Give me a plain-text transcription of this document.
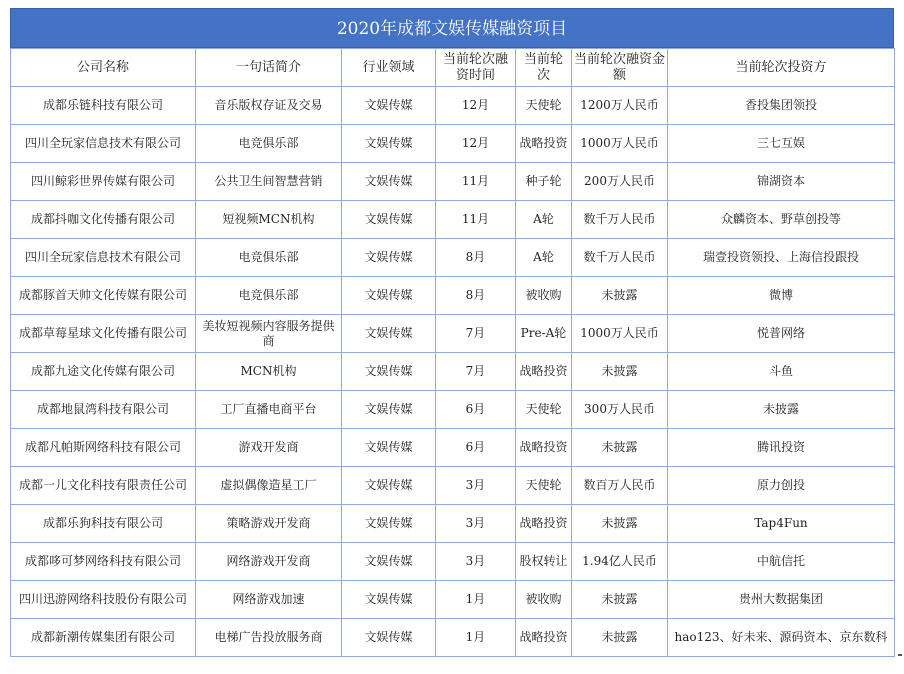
2020年成都文娱传媒融资项目
公司名称	一句话简介	行业领域	当前轮次融资时间	当前轮次	当前轮次融资金额	当前轮次投资方
成都乐链科技有限公司	音乐版权存证及交易	文娱传媒	12月	天使轮	1200万人民币	香投集团领投
四川全玩家信息技术有限公司	电竞俱乐部	文娱传媒	12月	战略投资	1000万人民币	三七互娱
四川鲸彩世界传媒有限公司	公共卫生间智慧营销	文娱传媒	11月	种子轮	200万人民币	锦湖资本
成都抖咖文化传播有限公司	短视频MCN机构	文娱传媒	11月	A轮	数千万人民币	众麟资本、野草创投等
四川全玩家信息技术有限公司	电竞俱乐部	文娱传媒	8月	A轮	数千万人民币	瑞壹投资领投、上海信投跟投
成都豚首天帅文化传媒有限公司	电竞俱乐部	文娱传媒	8月	被收购	未披露	微博
成都草莓星球文化传播有限公司	美妆短视频内容服务提供商	文娱传媒	7月	Pre-A轮	1000万人民币	悦普网络
成都九途文化传媒有限公司	MCN机构	文娱传媒	7月	战略投资	未披露	斗鱼
成都地鼠湾科技有限公司	工厂直播电商平台	文娱传媒	6月	天使轮	300万人民币	未披露
成都凡帕斯网络科技有限公司	游戏开发商	文娱传媒	6月	战略投资	未披露	腾讯投资
成都一儿文化科技有限责任公司	虚拟偶像造星工厂	文娱传媒	3月	天使轮	数百万人民币	原力创投
成都乐狗科技有限公司	策略游戏开发商	文娱传媒	3月	战略投资	未披露	Tap4Fun
成都哆可梦网络科技有限公司	网络游戏开发商	文娱传媒	3月	股权转让	1.94亿人民币	中航信托
四川迅游网络科技股份有限公司	网络游戏加速	文娱传媒	1月	被收购	未披露	贵州大数据集团
成都新潮传媒集团有限公司	电梯广告投放服务商	文娱传媒	1月	战略投资	未披露	hao123、好未来、源码资本、京东数科
